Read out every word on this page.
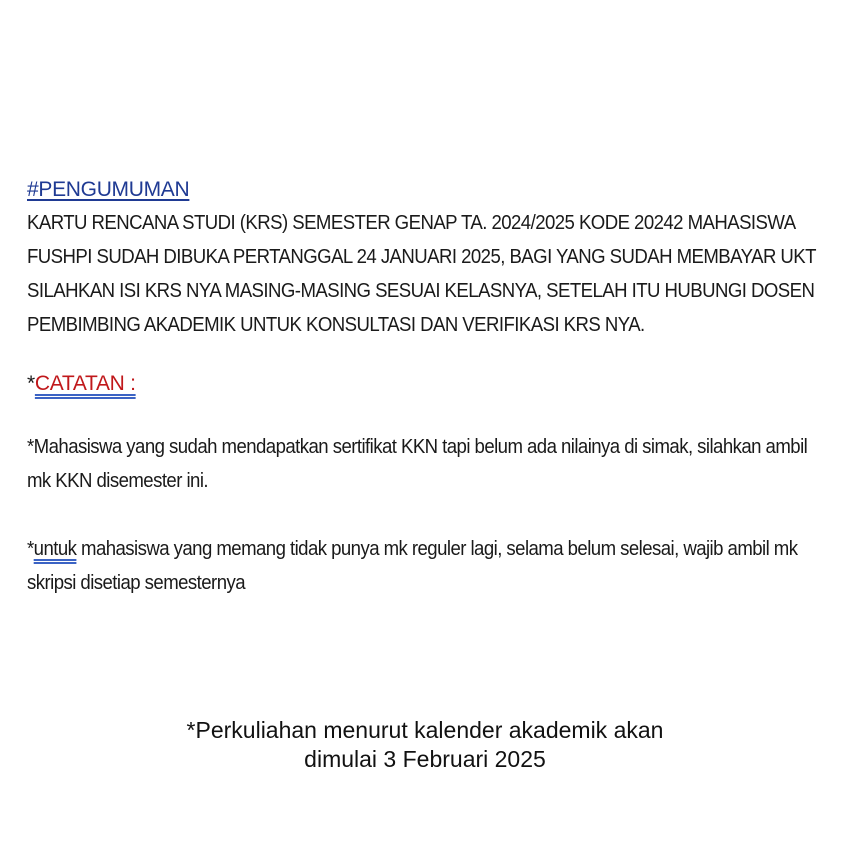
#PENGUMUMAN

KARTU RENCANA STUDI (KRS) SEMESTER GENAP TA. 2024/2025 KODE 20242 MAHASISWA FUSHPI SUDAH DIBUKA PERTANGGAL 24 JANUARI 2025, BAGI YANG SUDAH MEMBAYAR UKT SILAHKAN ISI KRS NYA MASING-MASING SESUAI KELASNYA, SETELAH ITU HUBUNGI DOSEN PEMBIMBING AKADEMIK UNTUK KONSULTASI DAN VERIFIKASI KRS NYA.

*CATATAN :

*Mahasiswa yang sudah mendapatkan sertifikat KKN tapi belum ada nilainya di simak, silahkan ambil mk KKN disemester ini.

*untuk mahasiswa yang memang tidak punya mk reguler lagi, selama belum selesai, wajib ambil mk skripsi disetiap semesternya

*Perkuliahan menurut kalender akademik akan

dimulai 3 Februari 2025
